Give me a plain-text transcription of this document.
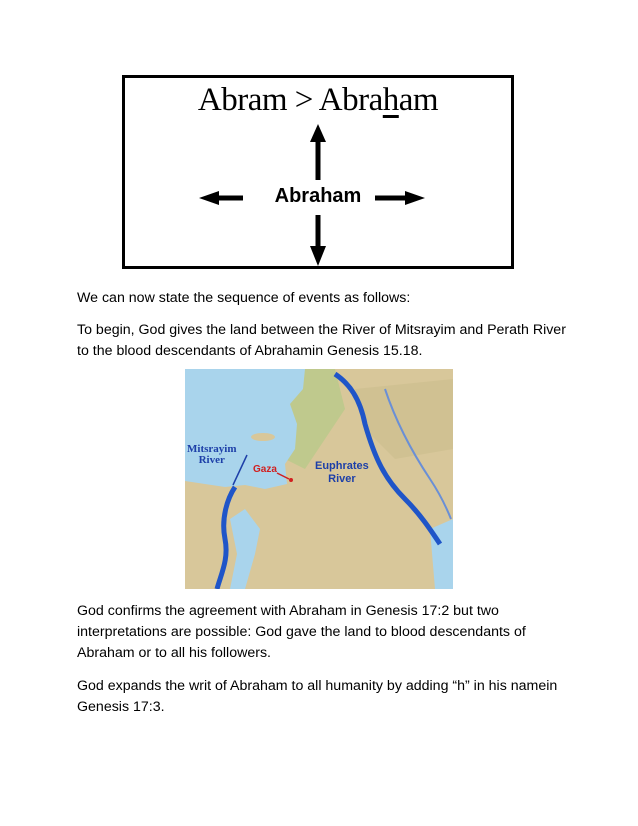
Abram > Abraham
Abraham

We can now state the sequence of events as follows:

To begin, God gives the land between the River of Mitsrayim and Perath River to the blood descendants of Abrahamin Genesis 15.18.

Mitsrayim
River
Gaza	Euphrates
River

God confirms the agreement with Abraham in Genesis 17:2 but two interpretations are possible: God gave the land to blood descendants of Abraham or to all his followers.

God expands the writ of Abraham to all humanity by adding “h” in his namein Genesis 17:3.
